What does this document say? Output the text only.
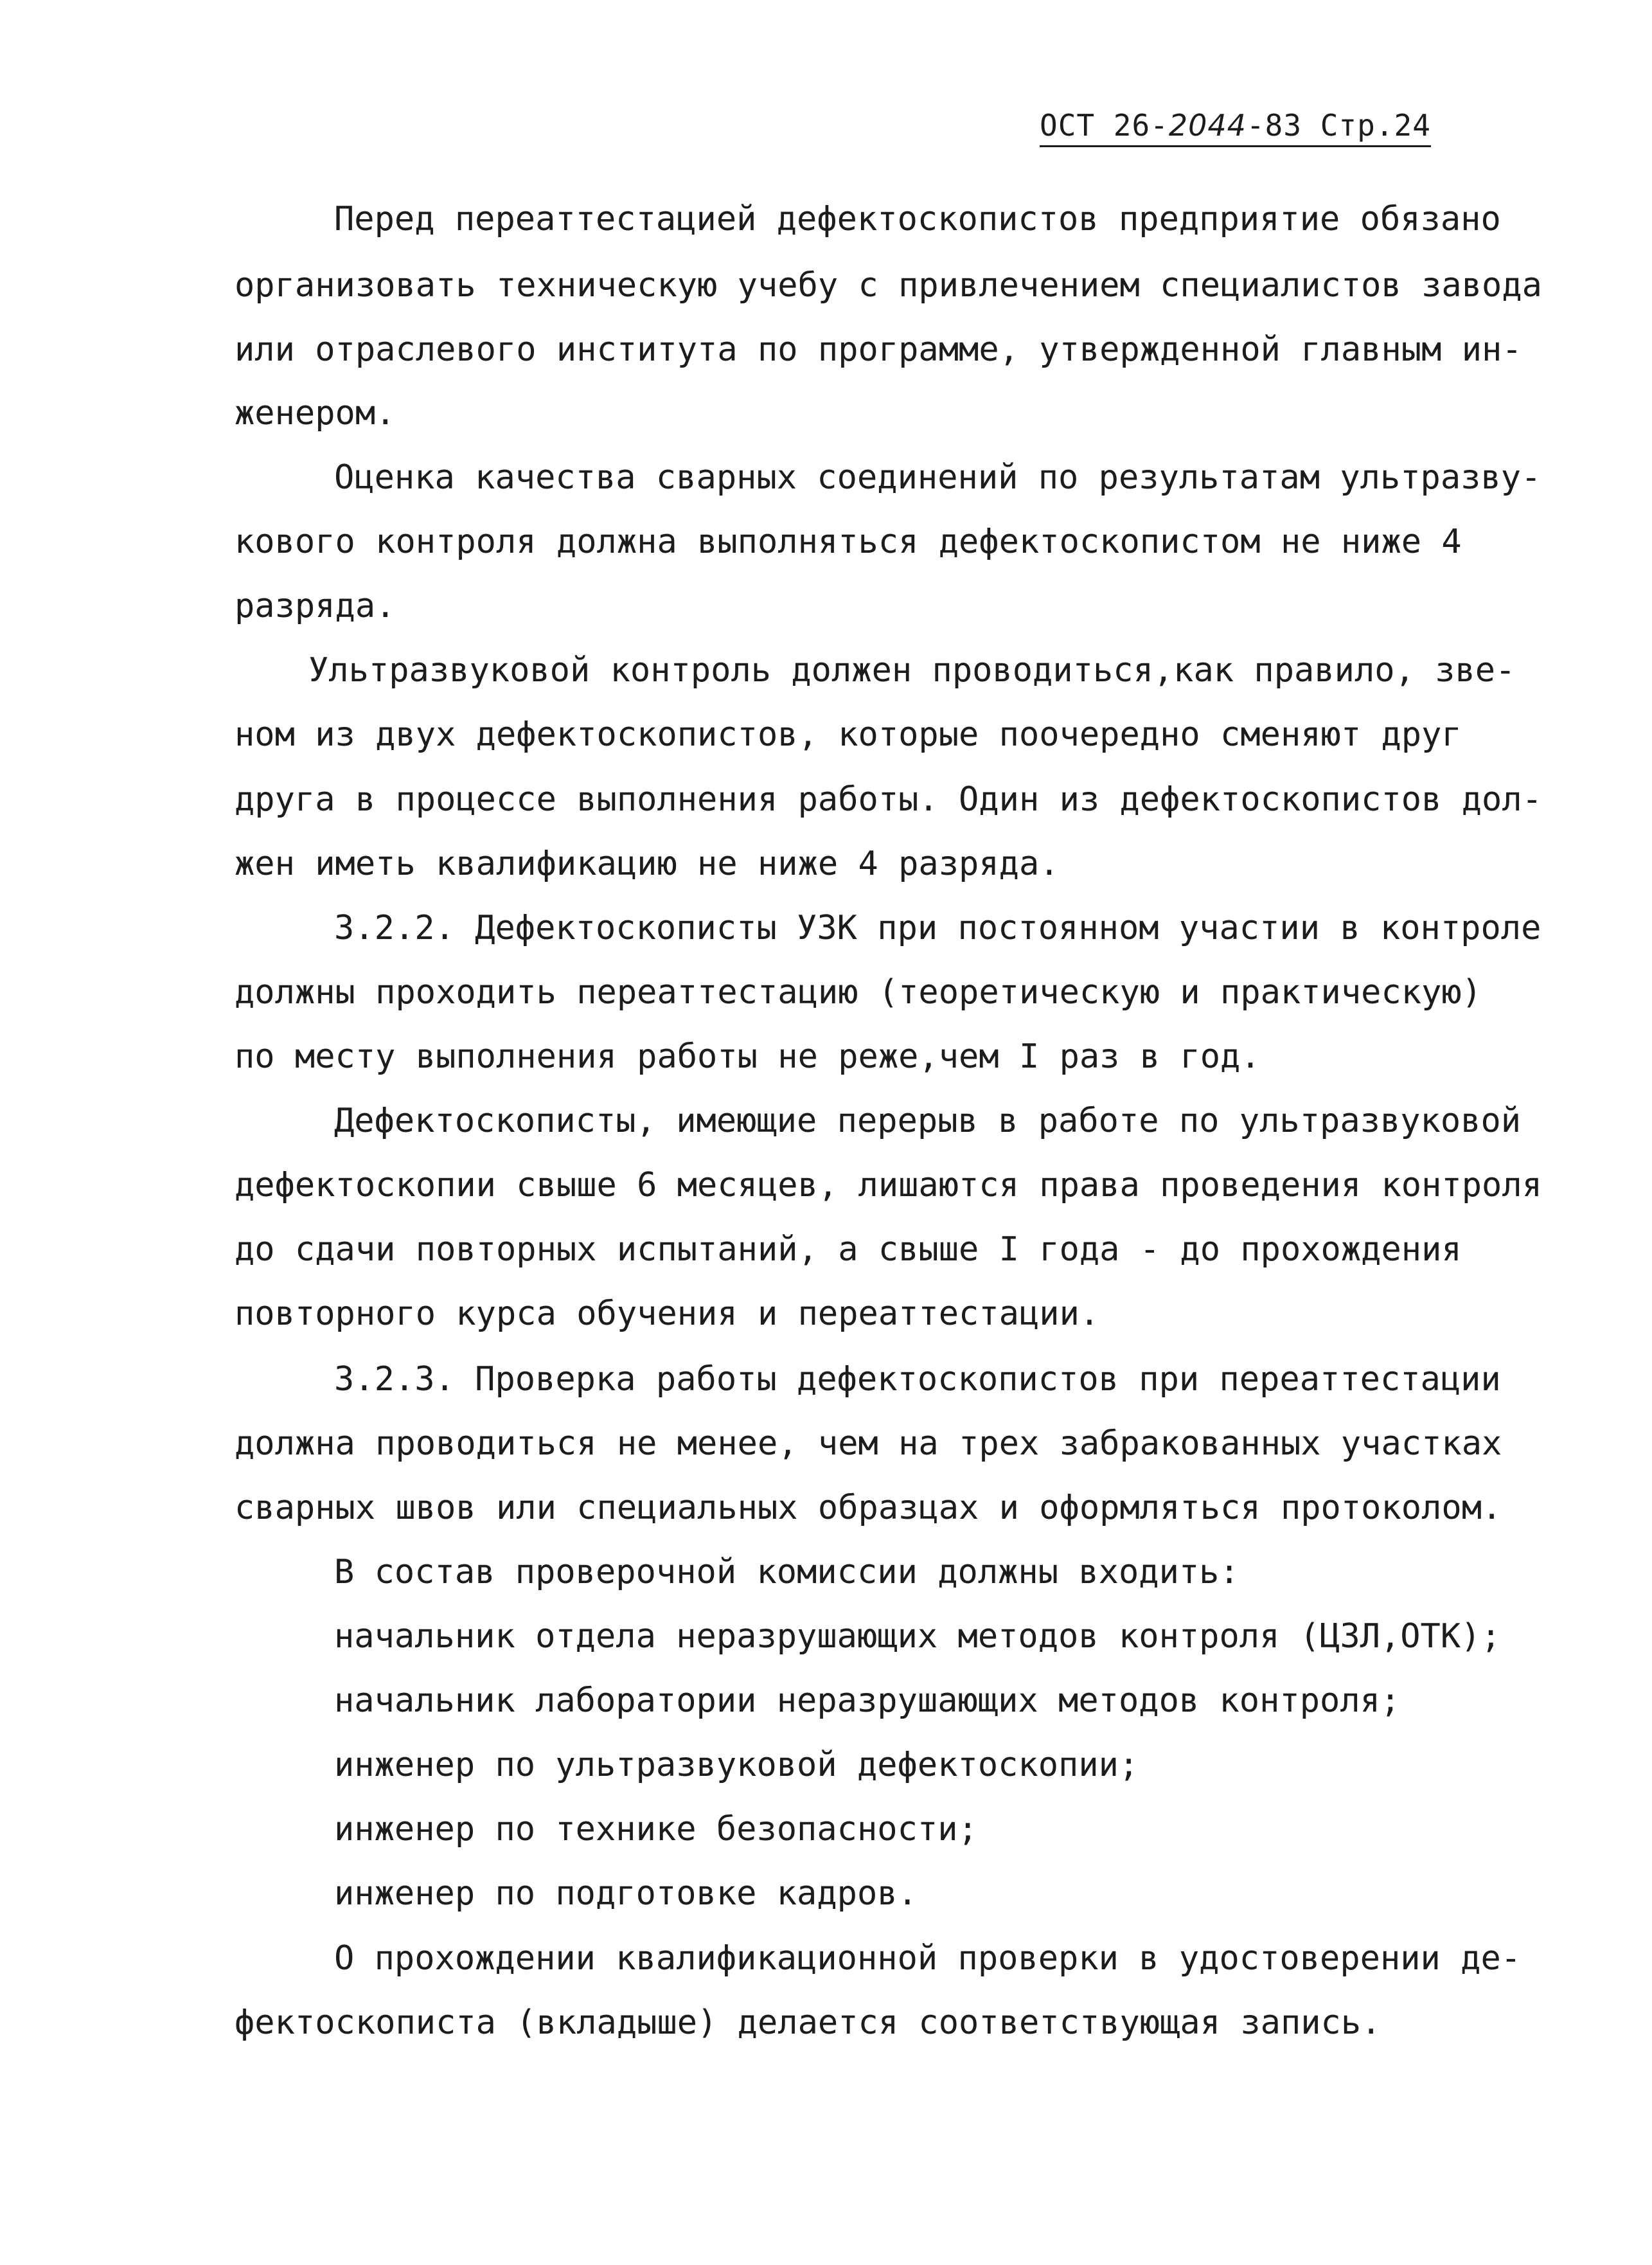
ОСТ 26-2044-83 Стр.24
Перед переаттестацией дефектоскопистов предприятие обязано
организовать техническую учебу с привлечением специалистов завода
или отраслевого института по программе, утвержденной главным ин-
женером.
Оценка качества сварных соединений по результатам ультразву-
кового контроля должна выполняться дефектоскопистом не ниже 4
разряда.
Ультразвуковой контроль должен проводиться,как правило, зве-
ном из двух дефектоскопистов, которые поочередно сменяют друг
друга в процессе выполнения работы. Один из дефектоскопистов дол-
жен иметь квалификацию не ниже 4 разряда.
3.2.2. Дефектоскописты УЗК при постоянном участии в контроле
должны проходить переаттестацию (теоретическую и практическую)
по месту выполнения работы не реже,чем I раз в год.
Дефектоскописты, имеющие перерыв в работе по ультразвуковой
дефектоскопии свыше 6 месяцев, лишаются права проведения контроля
до сдачи повторных испытаний, а свыше I года - до прохождения
повторного курса обучения и переаттестации.
3.2.3. Проверка работы дефектоскопистов при переаттестации
должна проводиться не менее, чем на трех забракованных участках
сварных швов или специальных образцах и оформляться протоколом.
В состав проверочной комиссии должны входить:
начальник отдела неразрушающих методов контроля (ЦЗЛ,ОТК);
начальник лаборатории неразрушающих методов контроля;
инженер по ультразвуковой дефектоскопии;
инженер по технике безопасности;
инженер по подготовке кадров.
О прохождении квалификационной проверки в удостоверении де-
фектоскописта (вкладыше) делается соответствующая запись.
